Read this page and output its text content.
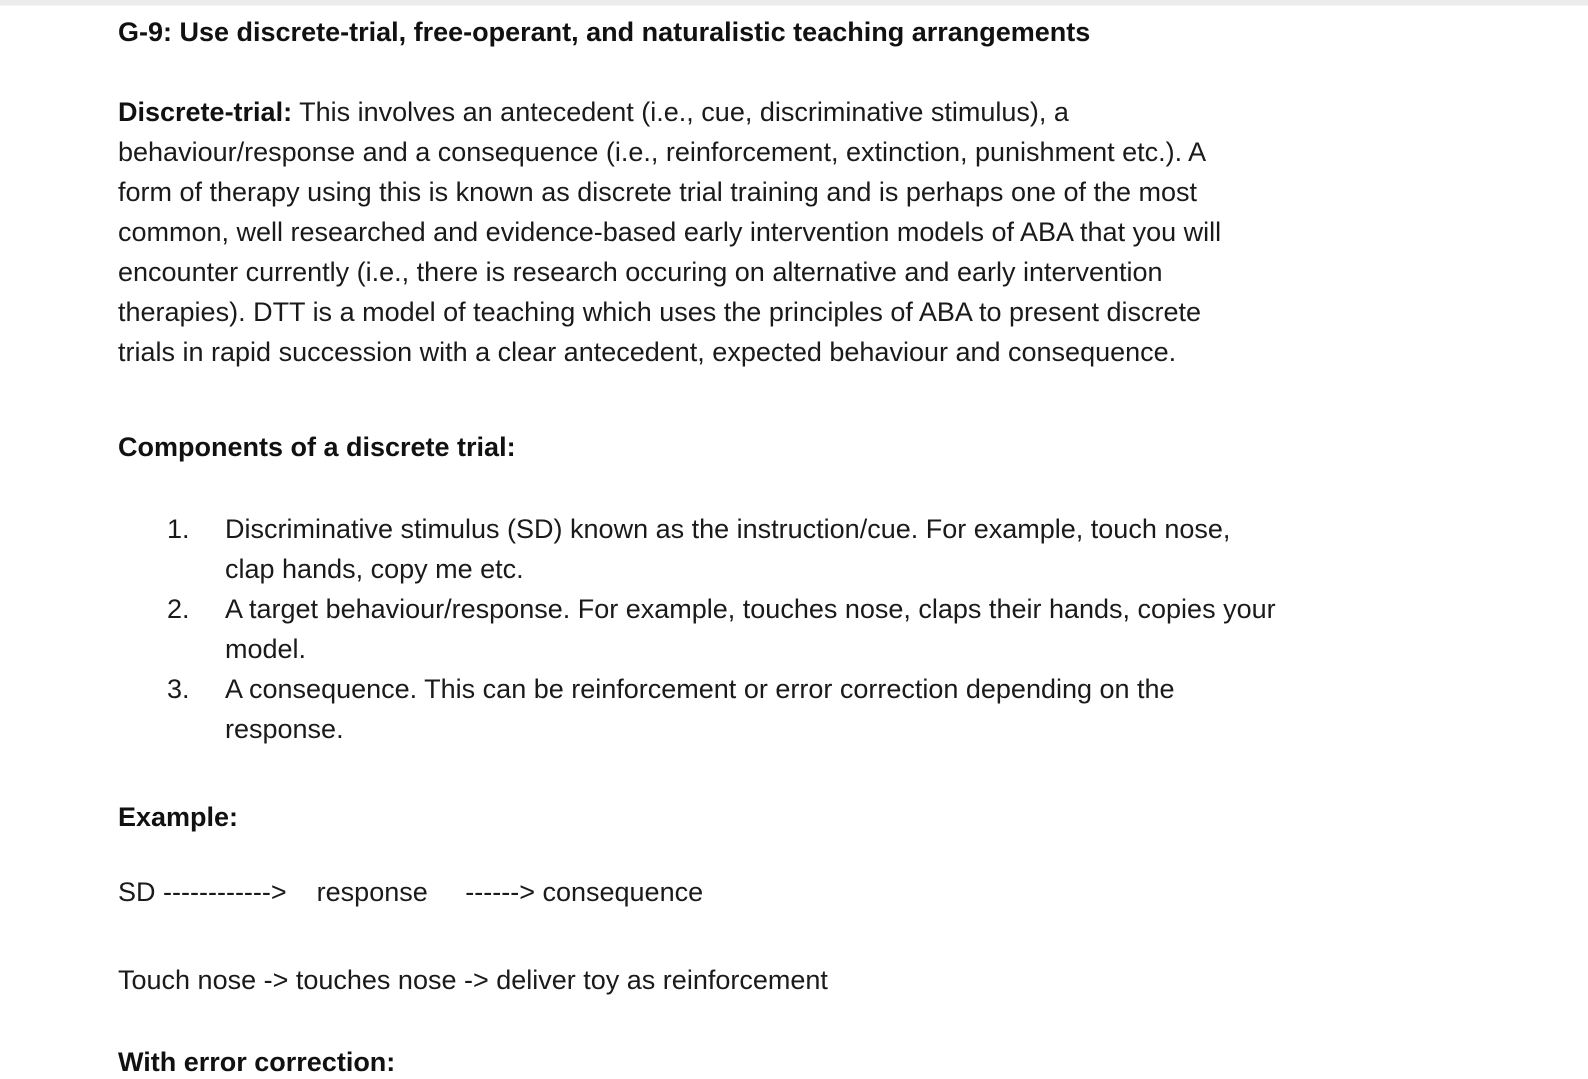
G-9: Use discrete-trial, free-operant, and naturalistic teaching arrangements
Discrete-trial: This involves an antecedent (i.e., cue, discriminative stimulus), a
behaviour/response and a consequence (i.e., reinforcement, extinction, punishment etc.). A
form of therapy using this is known as discrete trial training and is perhaps one of the most
common, well researched and evidence-based early intervention models of ABA that you will
encounter currently (i.e., there is research occuring on alternative and early intervention
therapies). DTT is a model of teaching which uses the principles of ABA to present discrete
trials in rapid succession with a clear antecedent, expected behaviour and consequence.
Components of a discrete trial:
1.	Discriminative stimulus (SD) known as the instruction/cue. For example, touch nose,
clap hands, copy me etc.
2.	A target behaviour/response. For example, touches nose, claps their hands, copies your
model.
3.	A consequence. This can be reinforcement or error correction depending on the
response.
Example:
SD ------------>    response     ------> consequence
Touch nose -> touches nose -> deliver toy as reinforcement
With error correction:
